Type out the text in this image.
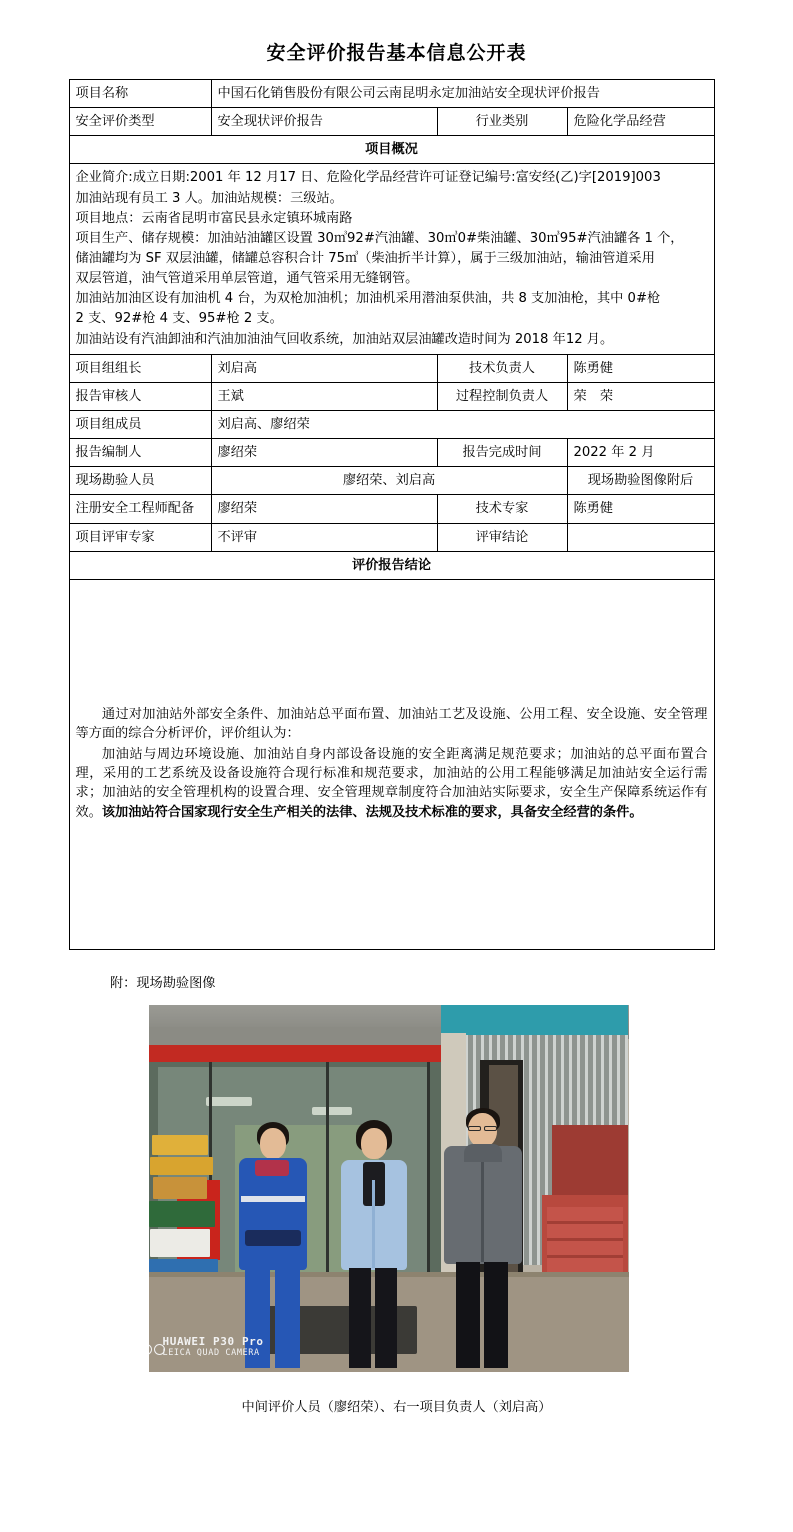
安全评价报告基本信息公开表
项目名称	中国石化销售股份有限公司云南昆明永定加油站安全现状评价报告		
安全评价类型	安全现状评价报告	行业类别	危险化学品经营
项目概况			

企业简介:成立日期:2001 年 12 月17 日、危险化学品经营许可证登记编号:富安经(乙)字[2019]003

加油站现有员工 3 人。加油站规模：三级站。

项目地点：云南省昆明市富民县永定镇环城南路

项目生产、储存规模：加油站油罐区设置 30㎥92#汽油罐、30㎥0#柴油罐、30㎥95#汽油罐各 1 个，

储油罐均为 SF 双层油罐，储罐总容积合计 75㎥（柴油折半计算），属于三级加油站，输油管道采用

双层管道，油气管道采用单层管道，通气管采用无缝钢管。

加油站加油区设有加油机 4 台，为双枪加油机；加油机采用潜油泵供油，共 8 支加油枪，其中 0#枪

2 支、92#枪 4 支、95#枪 2 支。

加油站设有汽油卸油和汽油加油油气回收系统，加油站双层油罐改造时间为 2018 年12 月。

项目组组长	刘启高	技术负责人	陈勇健
报告审核人	王斌	过程控制负责人	荣　荣
项目组成员	刘启高、廖绍荣		
报告编制人	廖绍荣	报告完成时间	2022 年 2 月
现场勘验人员	廖绍荣、刘启高		现场勘验图像附后
注册安全工程师配备	廖绍荣	技术专家	陈勇健
项目评审专家	不评审	评审结论	
评价报告结论			

通过对加油站外部安全条件、加油站总平面布置、加油站工艺及设施、公用工程、安全设施、安全管理等方面的综合分析评价，评价组认为：

加油站与周边环境设施、加油站自身内部设备设施的安全距离满足规范要求；加油站的总平面布置合理，采用的工艺系统及设备设施符合现行标准和规范要求，加油站的公用工程能够满足加油站安全运行需求；加油站的安全管理机构的设置合理、安全管理规章制度符合加油站实际要求，安全生产保障系统运作有效。该加油站符合国家现行安全生产相关的法律、法规及技术标准的要求，具备安全经营的条件。			

附：现场勘验图像
HUAWEI P30 Pro
LEICA QUAD CAMERA
中间评价人员（廖绍荣）、右一项目负责人（刘启高）
